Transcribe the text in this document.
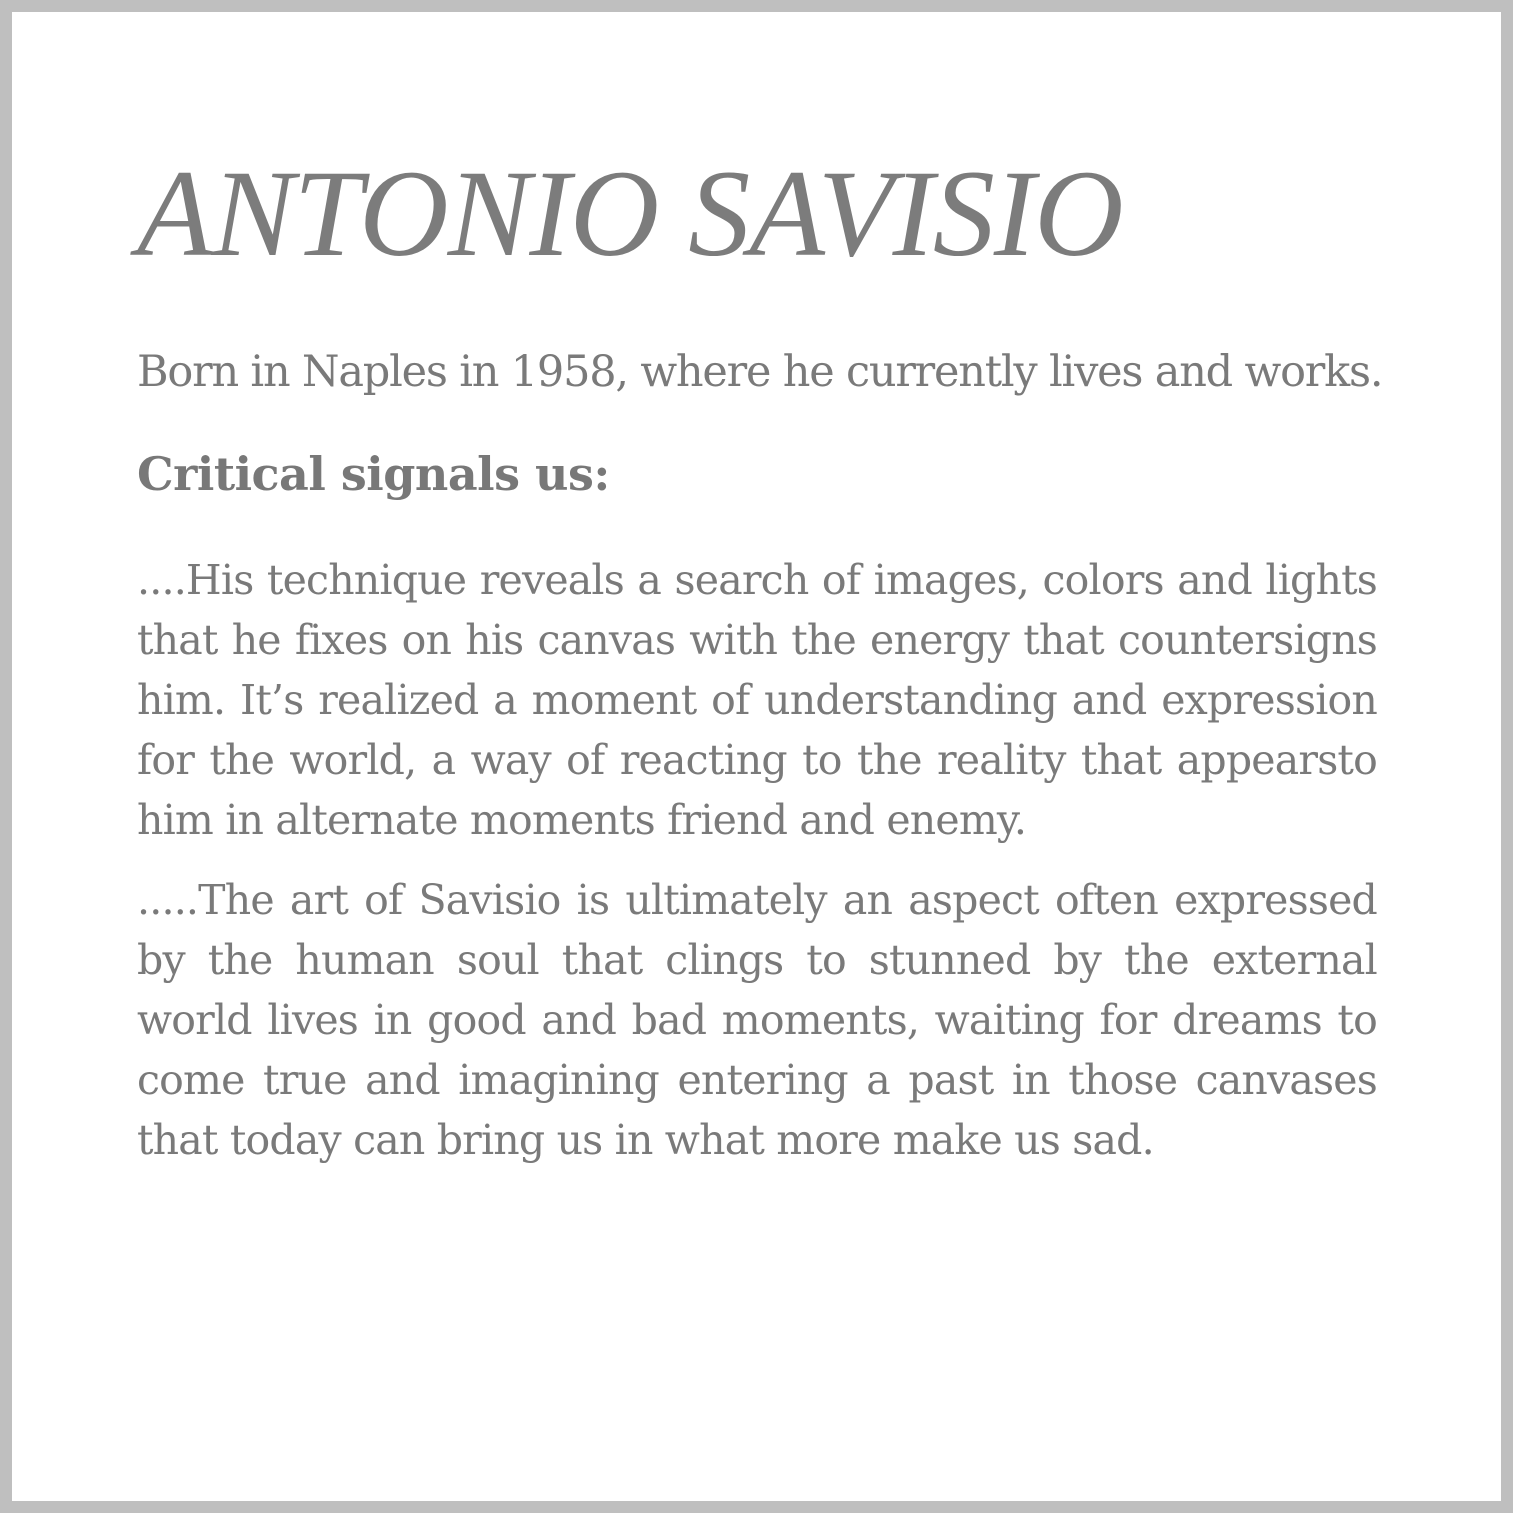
ANTONIO SAVISIO

Born in Naples in 1958, where he currently lives and works.

Critical signals us:

....His technique reveals a search of images, colors and lights that he fixes on his canvas with the energy that countersigns him. It’s realized a moment of understanding and expression for the world, a way of reacting to the reality that appearsto him in alternate moments friend and enemy.

.....The art of Savisio is ultimately an aspect often expressed by the human soul that clings to stunned by the external world lives in good and bad moments, waiting for dreams to come true and imagining entering a past in those canvases that today can bring us in what more make us sad.
